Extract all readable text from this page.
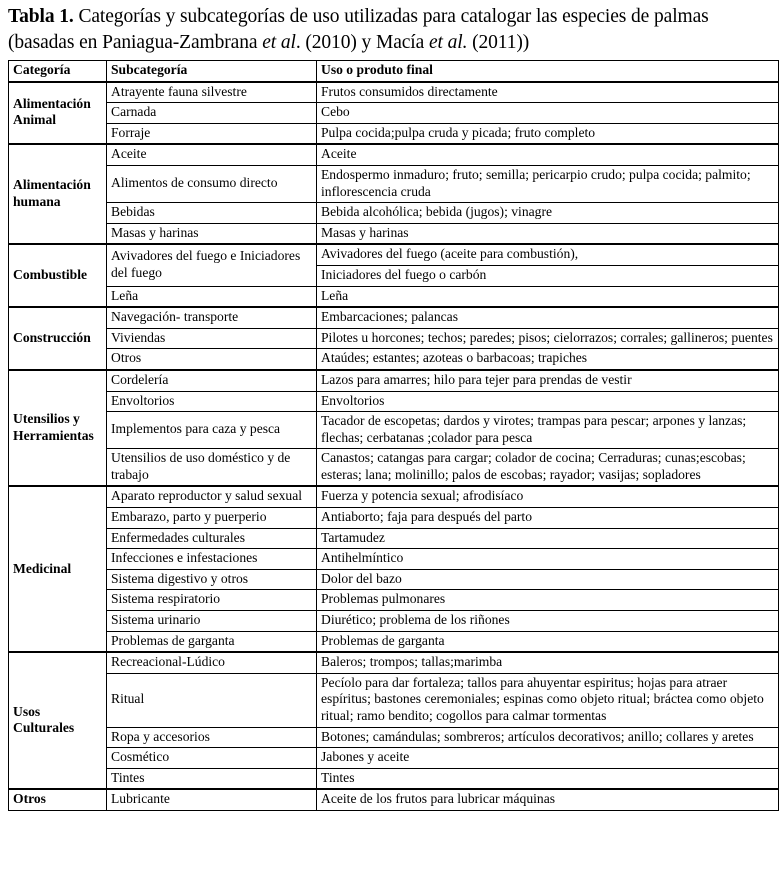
Tabla 1. Categorías y subcategorías de uso utilizadas para catalogar las especies de palmas (basadas en Paniagua-Zambrana et al. (2010) y Macía et al. (2011))
Categoría	Subcategoría	Uso o produto final
Alimentación Animal	Atrayente fauna silvestre	Frutos consumidos directamente
	Carnada	Cebo
	Forraje	Pulpa cocida;pulpa cruda y picada; fruto completo
Alimentación humana	Aceite	Aceite
	Alimentos de consumo directo	Endospermo inmaduro; fruto; semilla; pericarpio crudo; pulpa cocida; palmito; inflorescencia cruda
	Bebidas	Bebida alcohólica; bebida (jugos); vinagre
	Masas y harinas	Masas y harinas
Combustible	Avivadores del fuego e Iniciadores del fuego	Avivadores del fuego (aceite para combustión),
		Iniciadores del fuego o carbón
	Leña	Leña
Construcción	Navegación- transporte	Embarcaciones; palancas
	Viviendas	Pilotes u horcones; techos; paredes; pisos; cielorrazos; corrales; gallineros; puentes
	Otros	Ataúdes; estantes; azoteas o barbacoas; trapiches
Utensilios y Herramientas	Cordelería	Lazos para amarres; hilo para tejer para prendas de vestir
	Envoltorios	Envoltorios
	Implementos para caza y pesca	Tacador de escopetas; dardos y virotes; trampas para pescar; arpones y lanzas; flechas; cerbatanas ;colador para pesca
	Utensilios de uso doméstico y de trabajo	Canastos; catangas para cargar; colador de cocina; Cerraduras; cunas;escobas; esteras; lana; molinillo; palos de escobas; rayador; vasijas; sopladores
Medicinal	Aparato reproductor y salud sexual	Fuerza y potencia sexual; afrodisíaco
	Embarazo, parto y puerperio	Antiaborto; faja para después del parto
	Enfermedades culturales	Tartamudez
	Infecciones e infestaciones	Antihelmíntico
	Sistema digestivo y otros	Dolor del bazo
	Sistema respiratorio	Problemas pulmonares
	Sistema urinario	Diurético; problema de los riñones
	Problemas de garganta	Problemas de garganta
Usos Culturales	Recreacional-Lúdico	Baleros; trompos; tallas;marimba
	Ritual	Pecíolo para dar fortaleza; tallos para ahuyentar espiritus; hojas para atraer espíritus; bastones ceremoniales; espinas como objeto ritual; bráctea como objeto ritual; ramo bendito; cogollos para calmar tormentas
	Ropa y accesorios	Botones; camándulas; sombreros; artículos decorativos; anillo; collares y aretes
	Cosmético	Jabones y aceite
	Tintes	Tintes
Otros	Lubricante	Aceite de los frutos para lubricar máquinas
